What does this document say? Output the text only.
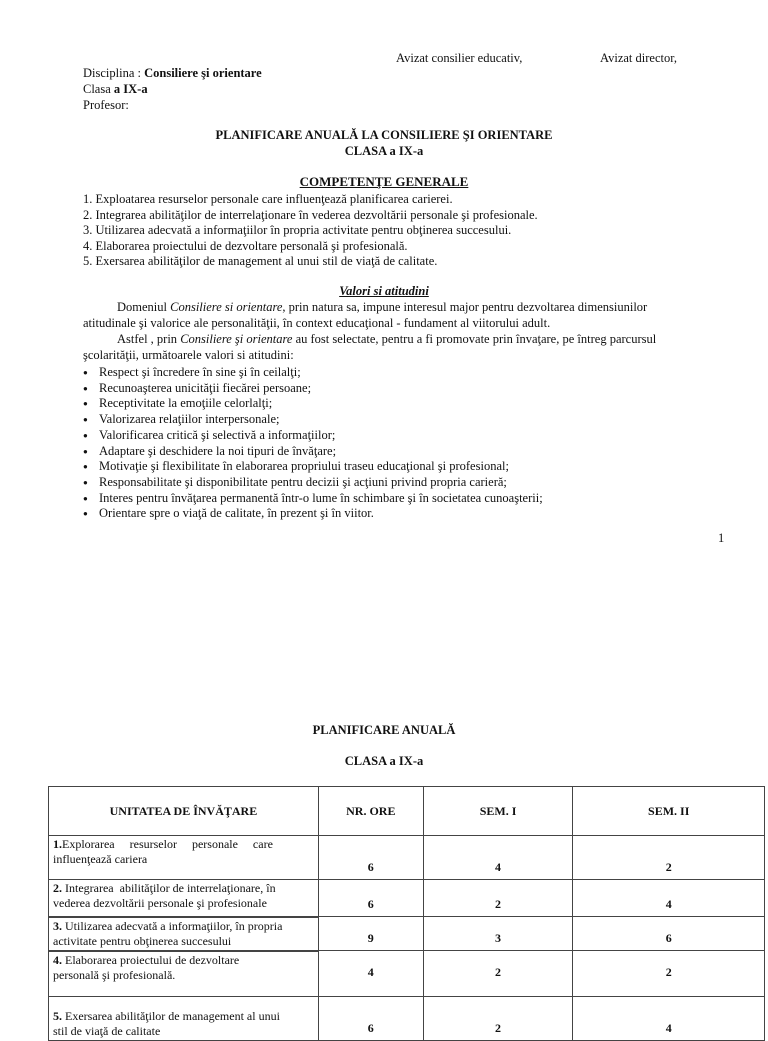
Avizat consilier educativ,	Avizat director,
Disciplina : Consiliere şi orientare
Clasa a IX-a
Profesor:
PLANIFICARE ANUALĂ LA CONSILIERE ŞI ORIENTARE
CLASA a IX-a
COMPETENŢE GENERALE
1. Exploatarea resurselor personale care influenţează planificarea carierei.
2. Integrarea abilităţilor de interrelaţionare în vederea dezvoltării personale şi profesionale.
3. Utilizarea adecvată a informaţiilor în propria activitate pentru obţinerea succesului.
4. Elaborarea proiectului de dezvoltare personală şi profesională.
5. Exersarea abilităţilor de management al unui stil de viaţă de calitate.
Valori si atitudini
Domeniul Consiliere si orientare, prin natura sa, impune interesul major pentru dezvoltarea dimensiunilor
atitudinale şi valorice ale personalităţii, în context educaţional - fundament al viitorului adult.
Astfel , prin Consiliere şi orientare au fost selectate, pentru a fi promovate prin învaţare, pe întreg parcursul
şcolarităţii, următoarele valori si atitudini:
● Respect şi încredere în sine şi în ceilalţi;
● Recunoaşterea unicităţii fiecărei persoane;
● Receptivitate la emoţiile celorlalţi;
● Valorizarea relaţiilor interpersonale;
● Valorificarea critică şi selectivă a informaţiilor;
● Adaptare şi deschidere la noi tipuri de învăţare;
● Motivaţie şi flexibilitate în elaborarea propriului traseu educaţional şi profesional;
● Responsabilitate şi disponibilitate pentru decizii şi acţiuni privind propria carieră;
● Interes pentru învăţarea permanentă într-o lume în schimbare şi în societatea cunoaşterii;
● Orientare spre o viaţă de calitate, în prezent şi în viitor.
1
PLANIFICARE ANUALĂ
CLASA a IX-a
UNITATEA DE ÎNVĂŢARE	NR. ORE	SEM. I	SEM. II

1.Explorarea     resurselor     personale     care
influenţează cariera	6	4	2
2. Integrarea  abilităţilor de interrelaţionare, în
vederea dezvoltării personale şi profesionale	6	2	4
3. Utilizarea adecvată a informaţiilor, în propria
activitate pentru obţinerea succesului	9	3	6
4. Elaborarea proiectului de dezvoltare
personală şi profesională.	4	2	2
5. Exersarea abilităţilor de management al unui
stil de viaţă de calitate	6	2	4
